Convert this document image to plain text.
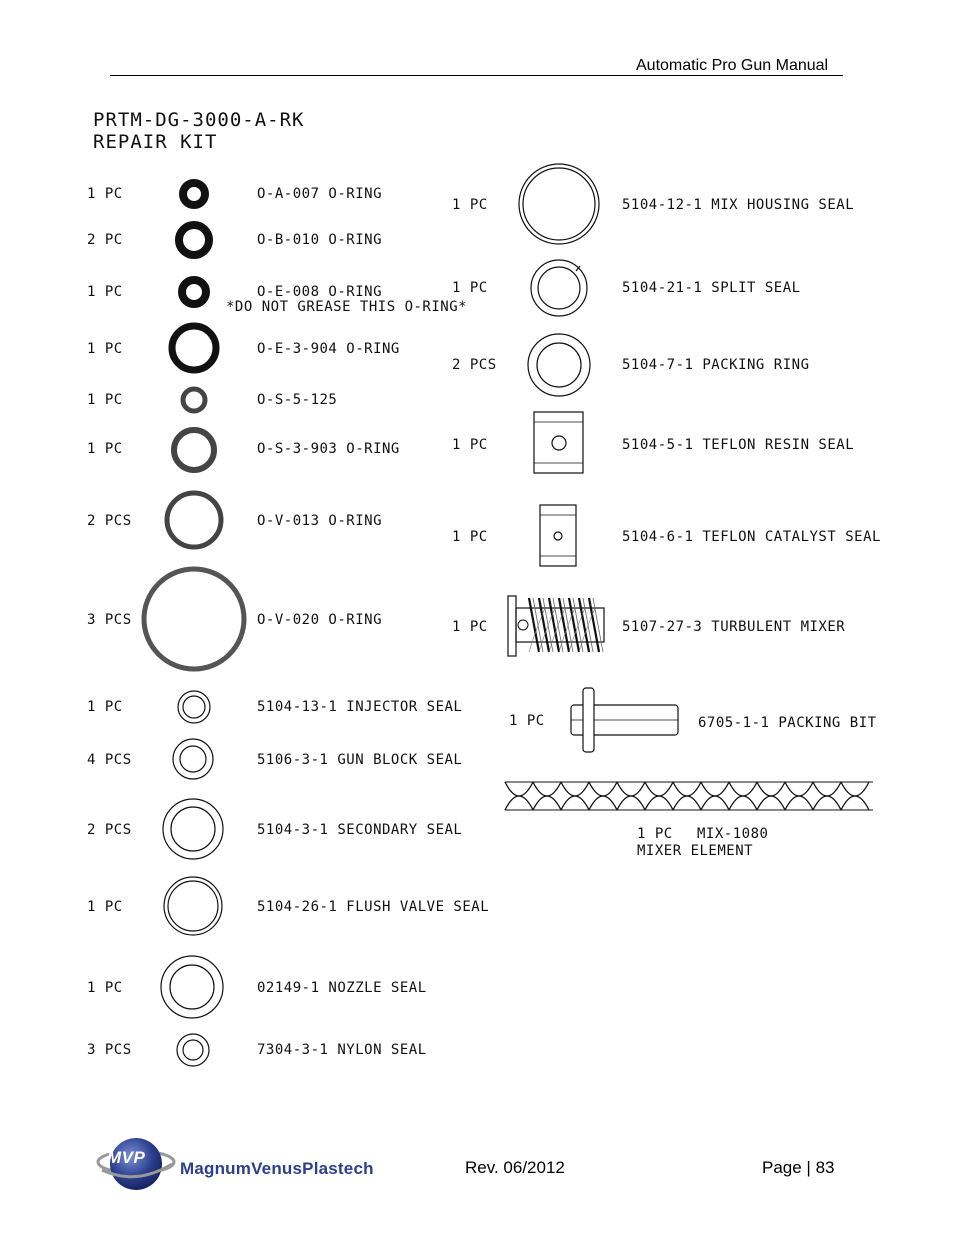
Automatic Pro Gun Manual
PRTM-DG-3000-A-RK
REPAIR KIT
1 PC	O-A-007 O-RING
2 PC	O-B-010 O-RING
1 PC	O-E-008 O-RING
*DO NOT GREASE THIS O-RING*
1 PC	O-E-3-904 O-RING
1 PC	O-S-5-125
1 PC	O-S-3-903 O-RING
2 PCS	O-V-013 O-RING
3 PCS	O-V-020 O-RING
1 PC	5104-13-1 INJECTOR SEAL
4 PCS	5106-3-1 GUN BLOCK SEAL
2 PCS	5104-3-1 SECONDARY SEAL
1 PC	5104-26-1 FLUSH VALVE SEAL
1 PC	02149-1 NOZZLE SEAL
3 PCS	7304-3-1 NYLON SEAL
1 PC	5104-12-1 MIX HOUSING SEAL
1 PC	5104-21-1 SPLIT SEAL
2 PCS	5104-7-1 PACKING RING
1 PC	5104-5-1 TEFLON RESIN SEAL
1 PC	5104-6-1 TEFLON CATALYST SEAL
1 PC	5107-27-3 TURBULENT MIXER
1 PC	6705-1-1 PACKING BIT
1 PC MIX-1080
MIXER ELEMENT
MVP
MagnumVenusPlastech	Rev. 06/2012	Page | 83
